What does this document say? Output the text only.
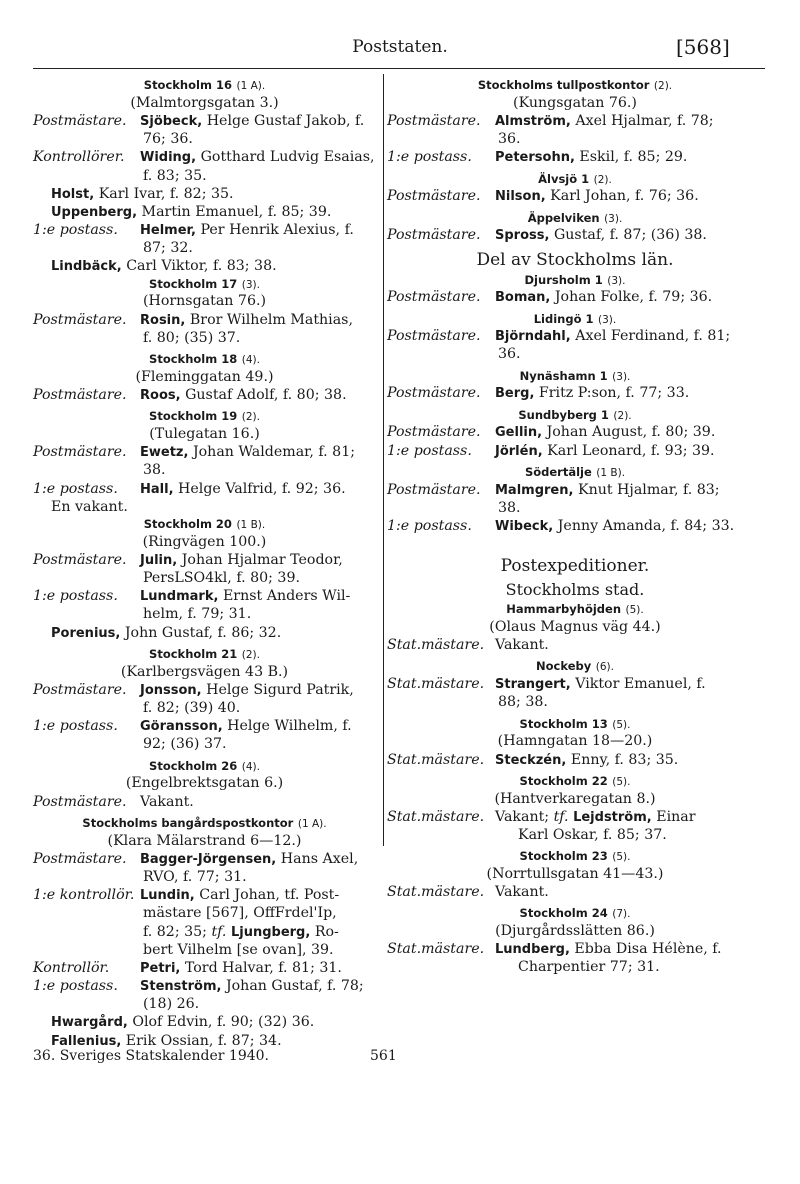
Poststaten.	[568]
Stockholm 16 (1 A).
(Malmtorgsgatan 3.)
Postmästare. Sjöbeck, Helge Gustaf Jakob, f.
76; 36.
Kontrollörer. Widing, Gotthard Ludvig Esaias,
f. 83; 35.
Holst, Karl Ivar, f. 82; 35.
Uppenberg, Martin Emanuel, f. 85; 39.
1:e postass. Helmer, Per Henrik Alexius, f.
87; 32.
Lindbäck, Carl Viktor, f. 83; 38.
Stockholm 17 (3).
(Hornsgatan 76.)
Postmästare. Rosin, Bror Wilhelm Mathias,
f. 80; (35) 37.
Stockholm 18 (4).
(Fleminggatan 49.)
Postmästare. Roos, Gustaf Adolf, f. 80; 38.
Stockholm 19 (2).
(Tulegatan 16.)
Postmästare. Ewetz, Johan Waldemar, f. 81;
38.
1:e postass. Hall, Helge Valfrid, f. 92; 36.
En vakant.
Stockholm 20 (1 B).
(Ringvägen 100.)
Postmästare. Julin, Johan Hjalmar Teodor,
PersLSO4kl, f. 80; 39.
1:e postass. Lundmark, Ernst Anders Wil-
helm, f. 79; 31.
Porenius, John Gustaf, f. 86; 32.
Stockholm 21 (2).
(Karlbergsvägen 43 B.)
Postmästare. Jonsson, Helge Sigurd Patrik,
f. 82; (39) 40.
1:e postass. Göransson, Helge Wilhelm, f.
92; (36) 37.
Stockholm 26 (4).
(Engelbrektsgatan 6.)
Postmästare. Vakant.
Stockholms bangårdspostkontor (1 A).
(Klara Mälarstrand 6—12.)
Postmästare. Bagger-Jörgensen, Hans Axel,
RVO, f. 77; 31.
1:e kontrollör. Lundin, Carl Johan, tf. Post-
mästare [567], OffFrdel'Ip,
f. 82; 35; tf. Ljungberg, Ro-
bert Vilhelm [se ovan], 39.
Kontrollör. Petri, Tord Halvar, f. 81; 31.
1:e postass. Stenström, Johan Gustaf, f. 78;
(18) 26.
Hwargård, Olof Edvin, f. 90; (32) 36.
Fallenius, Erik Ossian, f. 87; 34.
Stockholms tullpostkontor (2).
(Kungsgatan 76.)
Postmästare. Almström, Axel Hjalmar, f. 78;
36.
1:e postass. Petersohn, Eskil, f. 85; 29.
Älvsjö 1 (2).
Postmästare. Nilson, Karl Johan, f. 76; 36.
Äppelviken (3).
Postmästare. Spross, Gustaf, f. 87; (36) 38.
Del av Stockholms län.
Djursholm 1 (3).
Postmästare. Boman, Johan Folke, f. 79; 36.
Lidingö 1 (3).
Postmästare. Björndahl, Axel Ferdinand, f. 81;
36.
Nynäshamn 1 (3).
Postmästare. Berg, Fritz P:son, f. 77; 33.
Sundbyberg 1 (2).
Postmästare. Gellin, Johan August, f. 80; 39.
1:e postass. Jörlén, Karl Leonard, f. 93; 39.
Södertälje (1 B).
Postmästare. Malmgren, Knut Hjalmar, f. 83;
38.
1:e postass. Wibeck, Jenny Amanda, f. 84; 33.
Postexpeditioner.
Stockholms stad.
Hammarbyhöjden (5).
(Olaus Magnus väg 44.)
Stat.mästare. Vakant.
Nockeby (6).
Stat.mästare. Strangert, Viktor Emanuel, f.
88; 38.
Stockholm 13 (5).
(Hamngatan 18—20.)
Stat.mästare. Steckzén, Enny, f. 83; 35.
Stockholm 22 (5).
(Hantverkaregatan 8.)
Stat.mästare. Vakant; tf. Lejdström, Einar
Karl Oskar, f. 85; 37.
Stockholm 23 (5).
(Norrtullsgatan 41—43.)
Stat.mästare. Vakant.
Stockholm 24 (7).
(Djurgårdsslätten 86.)
Stat.mästare. Lundberg, Ebba Disa Hélène, f.
Charpentier 77; 31.
36. Sveriges Statskalender 1940.	561
